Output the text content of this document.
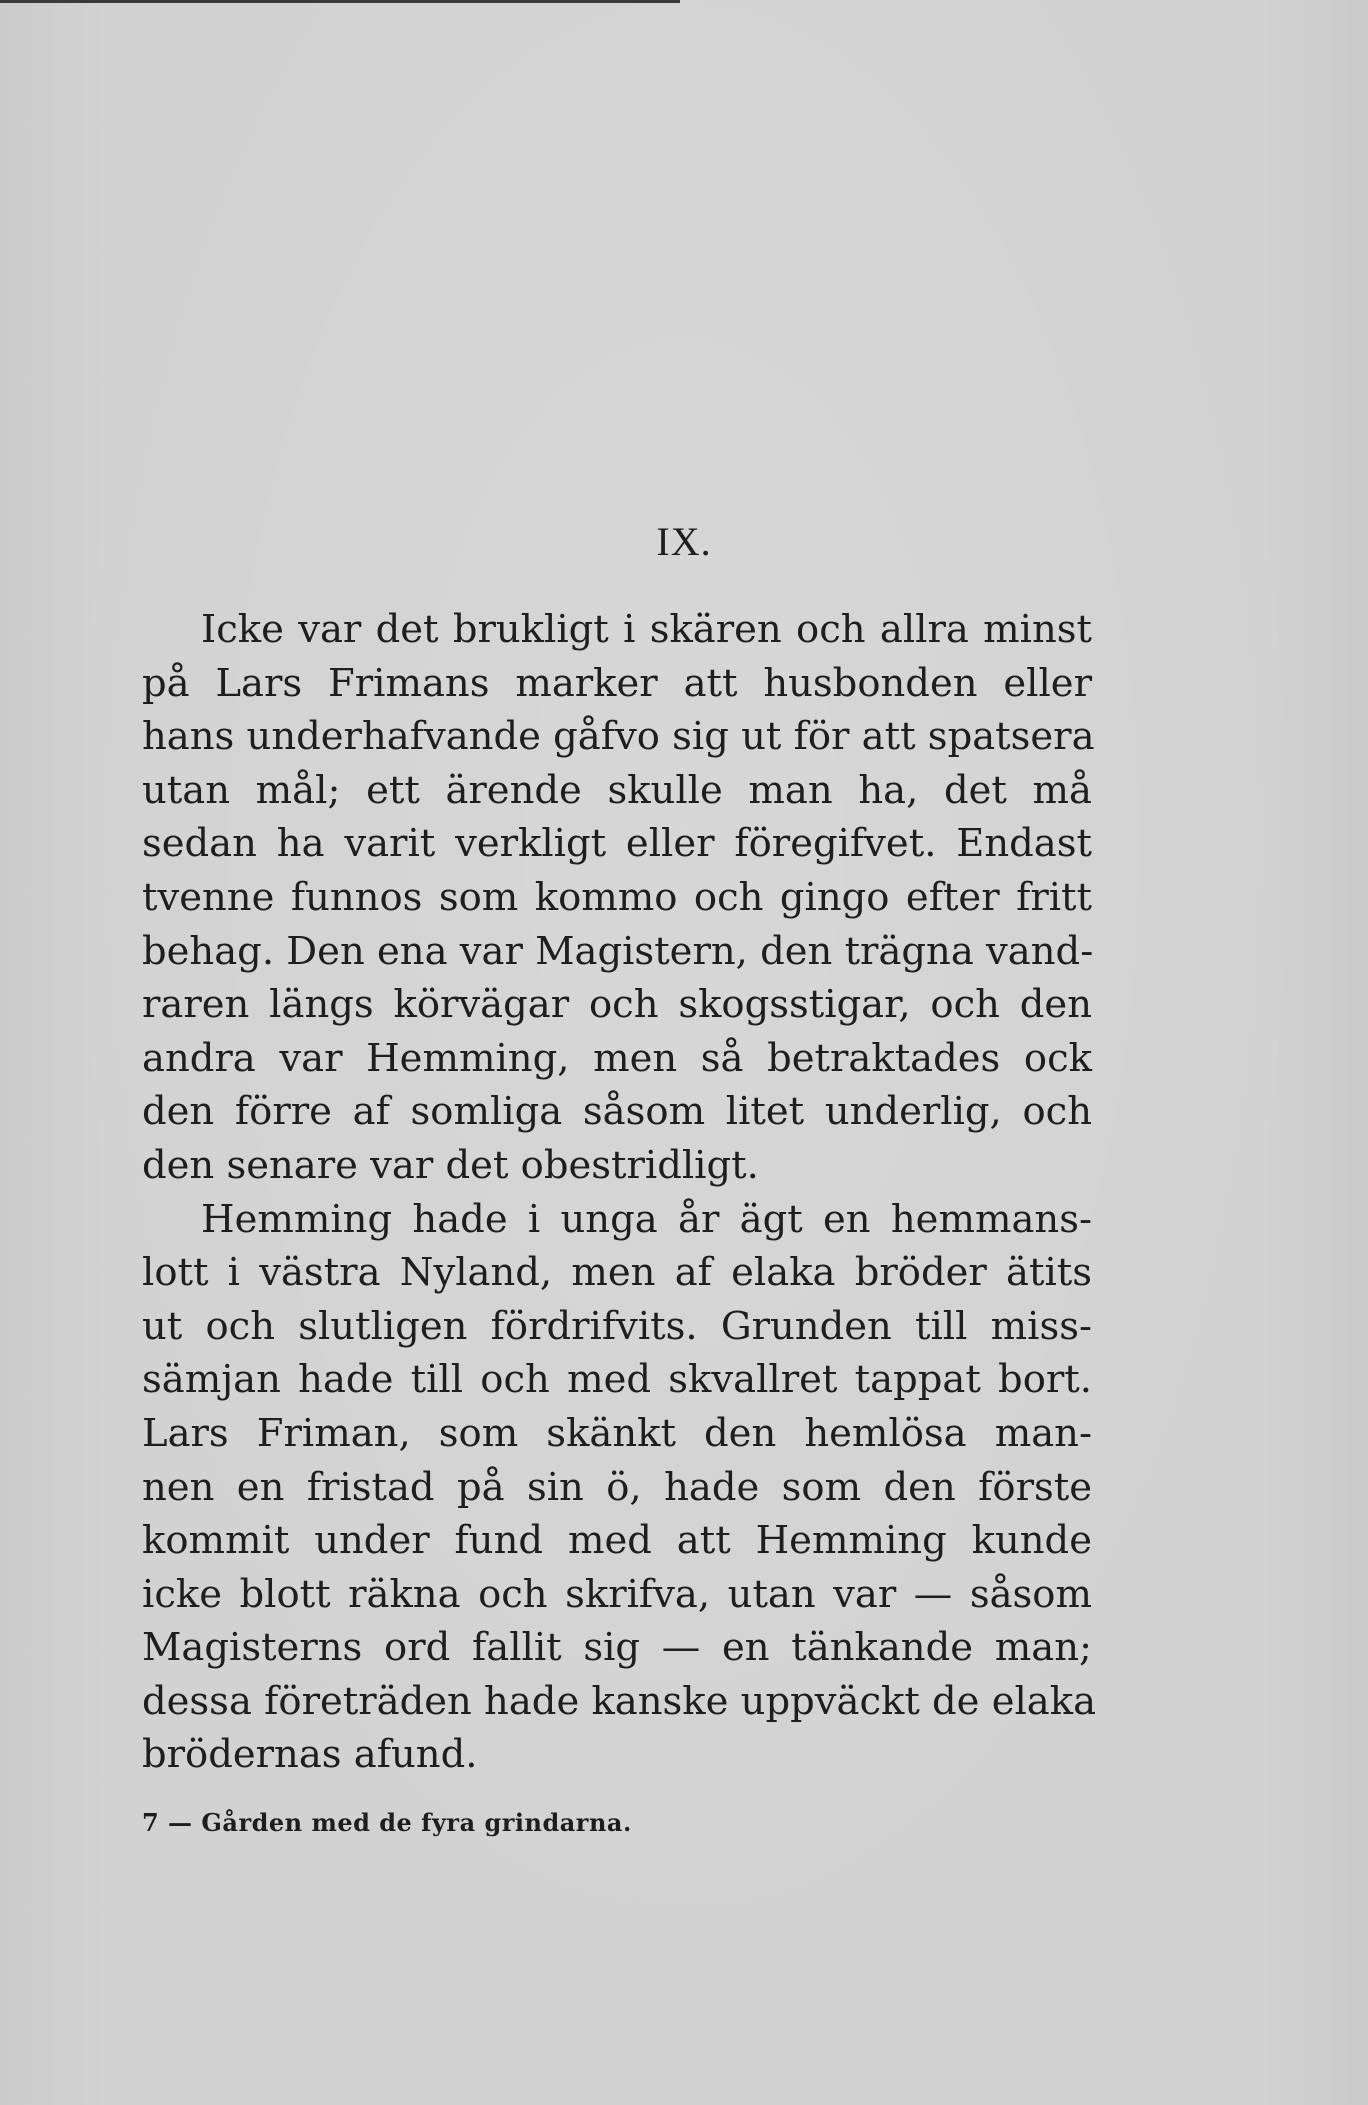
IX.
Icke var det brukligt i skären och allra minst
på Lars Frimans marker att husbonden eller
hans underhafvande gåfvo sig ut för att spatsera
utan mål; ett ärende skulle man ha, det må
sedan ha varit verkligt eller föregifvet. Endast
tvenne funnos som kommo och gingo efter fritt
behag. Den ena var Magistern, den trägna vand-
raren längs körvägar och skogsstigar, och den
andra var Hemming, men så betraktades ock
den förre af somliga såsom litet underlig, och
den senare var det obestridligt.
Hemming hade i unga år ägt en hemmans-
lott i västra Nyland, men af elaka bröder ätits
ut och slutligen fördrifvits. Grunden till miss-
sämjan hade till och med skvallret tappat bort.
Lars Friman, som skänkt den hemlösa man-
nen en fristad på sin ö, hade som den förste
kommit under fund med att Hemming kunde
icke blott räkna och skrifva, utan var — såsom
Magisterns ord fallit sig — en tänkande man;
dessa företräden hade kanske uppväckt de elaka
brödernas afund.
7 — Gården med de fyra grindarna.
